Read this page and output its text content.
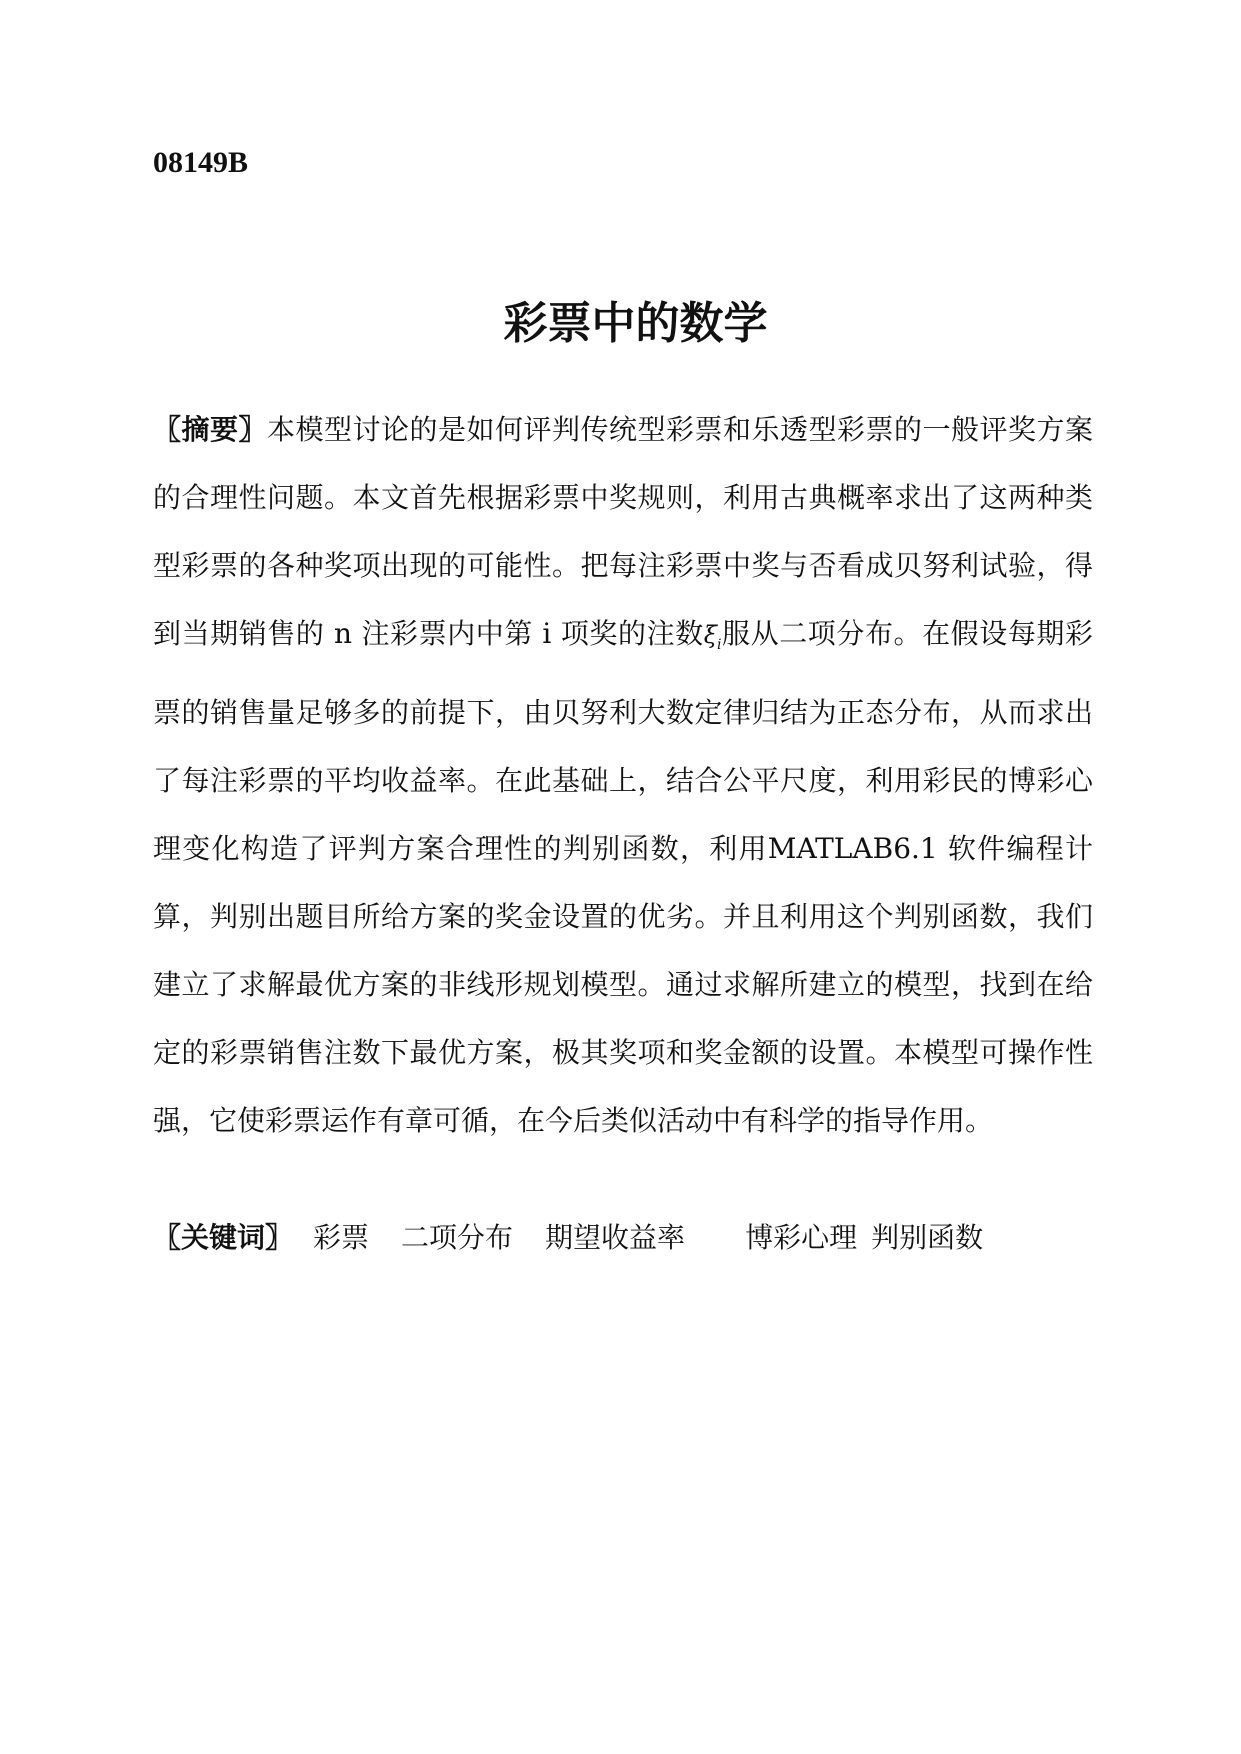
08149B
彩票中的数学

〖摘要〗本模型讨论的是如何评判传统型彩票和乐透型彩票的一般评奖方案的合理性问题。本文首先根据彩票中奖规则，利用古典概率求出了这两种类型彩票的各种奖项出现的可能性。把每注彩票中奖与否看成贝努利试验，得到当期销售的 n 注彩票内中第 i 项奖的注数$\xi_i$服从二项分布。在假设每期彩票的销售量足够多的前提下，由贝努利大数定律归结为正态分布，从而求出了每注彩票的平均收益率。在此基础上，结合公平尺度，利用彩民的博彩心理变化构造了评判方案合理性的判别函数，利用MATLAB6.1 软件编程计算，判别出题目所给方案的奖金设置的优劣。并且利用这个判别函数，我们建立了求解最优方案的非线形规划模型。通过求解所建立的模型，找到在给定的彩票销售注数下最优方案，极其奖项和奖金额的设置。本模型可操作性强，它使彩票运作有章可循，在今后类似活动中有科学的指导作用。

〖关键词〗 彩票 二项分布 期望收益率 博彩心理 判别函数
